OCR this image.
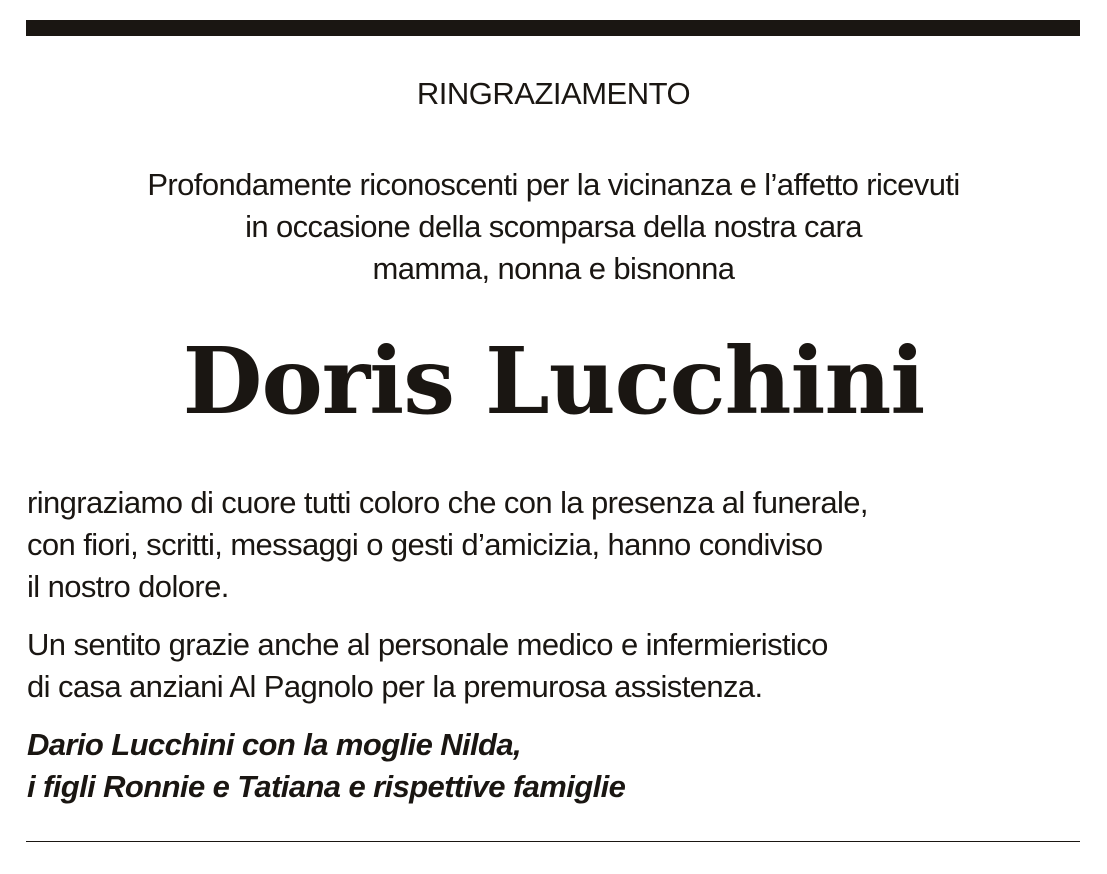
RINGRAZIAMENTO
Profondamente riconoscenti per la vicinanza e l’affetto ricevuti
in occasione della scomparsa della nostra cara
mamma, nonna e bisnonna
Doris Lucchini
ringraziamo di cuore tutti coloro che con la presenza al funerale,
con fiori, scritti, messaggi o gesti d’amicizia, hanno condiviso
il nostro dolore.
Un sentito grazie anche al personale medico e infermieristico
di casa anziani Al Pagnolo per la premurosa assistenza.
Dario Lucchini con la moglie Nilda,
i figli Ronnie e Tatiana e rispettive famiglie
